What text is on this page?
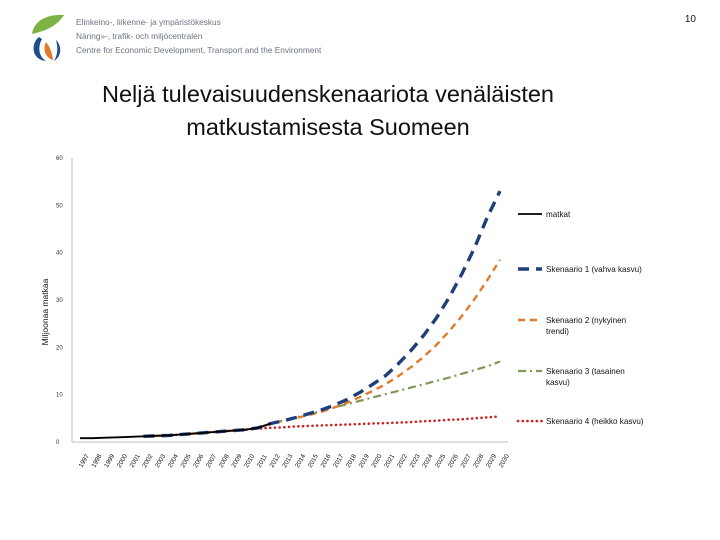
Elinkeino-, liikenne- ja ympäristökeskus
Näring»-, trafik- och miljöcentralen
Centre for Economic Development, Transport and the Environment
10
Neljä tulevaisuudenskenaariota venäläisten
matkustamisesta Suomeen
0
10
20
30
40
50
60
1997 1998 1999 2000 2001 2002 2003 2004 2005 2006 2007 2008 2009 2010 2011 2012 2013 2014 2015 2016 2017 2018 2019 2020 2021 2022 2023 2024 2025 2026 2027 2028 2029 2030
Miljoonaa matkaa
matkat
Skenaario 1 (vahva kasvu)
Skenaario 2 (nykyinen
trendi)
Skenaario 3 (tasainen
kasvu)
Skenaario 4 (heikko kasvu)
